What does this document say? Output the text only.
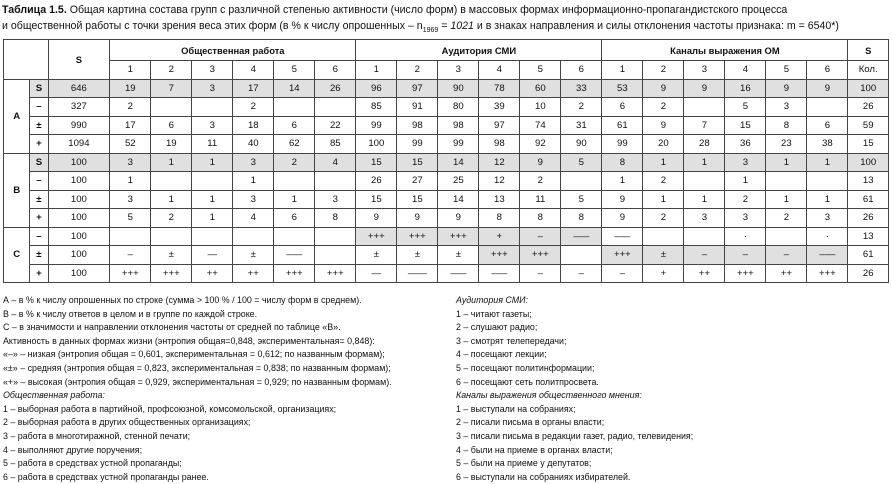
Таблица 1.5. Общая картина состава групп с различной степенью активности (число форм) в массовых формах информационно-пропагандистского процесса
и общественной работы с точки зрения веса этих форм (в % к числу опрошенных – $n_{1969} = 1021$ и в знаках направления и силы отклонения частоты признака: m = 6540*)
		S	Общественная работа						Аудитория СМИ						Каналы выражения ОМ						S
			1	2	3	4	5	6	1	2	3	4	5	6	1	2	3	4	5	6	Кол.
А	S	646	19	7	3	17	14	26	96	97	90	78	60	33	53	9	9	16	9	9	100
	–	327	2			2			85	91	80	39	10	2	6	2		5	3		26
	±	990	17	6	3	18	6	22	99	98	98	97	74	31	61	9	7	15	8	6	59
	+	1094	52	19	11	40	62	85	100	99	99	98	92	90	99	20	28	36	23	38	15
В	S	100	3	1	1	3	2	4	15	15	14	12	9	5	8	1	1	3	1	1	100
	–	100	1			1			26	27	25	12	2		1	2		1			13
	±	100	3	1	1	3	1	3	15	15	14	13	11	5	9	1	1	2	1	1	61
	+	100	5	2	1	4	6	8	9	9	9	8	8	8	9	2	3	3	2	3	26
С	–	100							+++	+++	+++	+	–	–––	–––			·		·	13
	±	100	–	±	—	±	–––		±	±	±	+++	+++		+++	±	–	–	–	–––	61
	+	100	+++	+++	++	++	+++	+++	—	——	–––	–––	–	–	–	+	++	+++	++	+++	26
А – в % к числу опрошенных по строке (сумма > 100 % / 100 = числу форм в среднем).
В – в % к числу ответов в целом и в группе по каждой строке.
С – в значимости и направлении отклонения частоты от средней по таблице «В».
Активность в данных формах жизни (энтропия общая=0,848, экспериментальная= 0,848):
«–» – низкая (энтропия общая = 0,601, экспериментальная = 0,612; по названным формам);
«±» – средняя (энтропия общая = 0,823, экспериментальная = 0,838; по названным формам);
«+» – высокая (энтропия общая = 0,929, экспериментальная = 0,929; по названным формам).
Общественная работа:
1 – выборная работа в партийной, профсоюзной, комсомольской, организациях;
2 – выборная работа в других общественных организациях;
3 – работа в многотиражной, стенной печати;
4 – выполняют другие поручения;
5 – работа в средствах устной пропаганды;
6 – работа в средствах устной пропаганды ранее.
Аудитория СМИ:
1 – читают газеты;
2 – слушают радио;
3 – смотрят телепередачи;
4 – посещают лекции;
5 – посещают политинформации;
6 – посещают сеть политпросвета.
Каналы выражения общественного мнения:
1 – выступали на собраниях;
2 – писали письма в органы власти;
3 – писали письма в редакции газет, радио, телевидения;
4 – были на приеме в органах власти;
5 – были на приеме у депутатов;
6 – выступали на собраниях избирателей.
